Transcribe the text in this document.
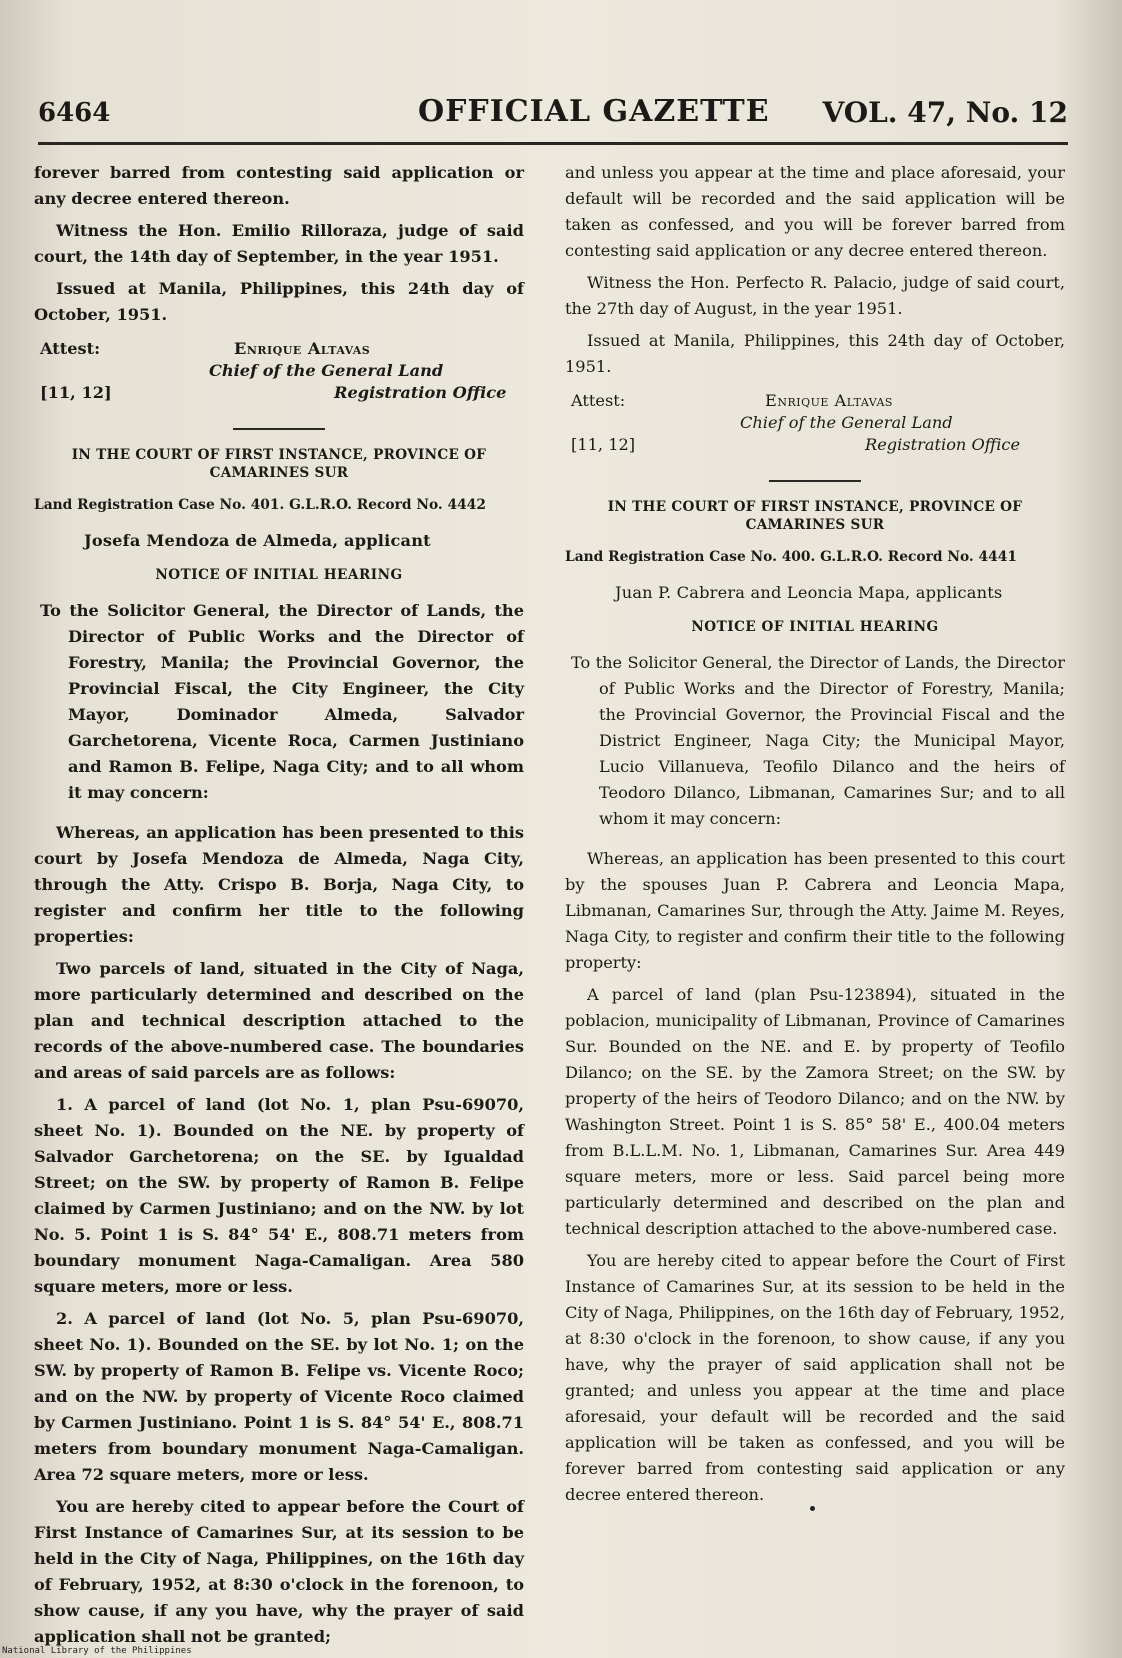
6464	OFFICIAL GAZETTE VOL. 47, No. 12

forever barred from contesting said application or any decree entered thereon.

Witness the Hon. Emilio Rilloraza, judge of said court, the 14th day of September, in the year 1951.

Issued at Manila, Philippines, this 24th day of October, 1951.

Attest:	Enrique Altavas
Chief of the General Land
[11, 12]	Registration Office
IN THE COURT OF FIRST INSTANCE, PROVINCE OF CAMARINES SUR
Land Registration Case No. 401. G.L.R.O. Record No. 4442
Josefa Mendoza de Almeda, applicant
NOTICE OF INITIAL HEARING

To the Solicitor General, the Director of Lands, the Director of Public Works and the Director of Forestry, Manila; the Provincial Governor, the Provincial Fiscal, the City Engineer, the City Mayor, Dominador Almeda, Salvador Garchetorena, Vicente Roca, Carmen Justiniano and Ramon B. Felipe, Naga City; and to all whom it may concern:

Whereas, an application has been presented to this court by Josefa Mendoza de Almeda, Naga City, through the Atty. Crispo B. Borja, Naga City, to register and confirm her title to the following properties:

Two parcels of land, situated in the City of Naga, more particularly determined and described on the plan and technical description attached to the records of the above-numbered case. The boundaries and areas of said parcels are as follows:

1. A parcel of land (lot No. 1, plan Psu-69070, sheet No. 1). Bounded on the NE. by property of Salvador Garchetorena; on the SE. by Igualdad Street; on the SW. by property of Ramon B. Felipe claimed by Carmen Justiniano; and on the NW. by lot No. 5. Point 1 is S. 84° 54' E., 808.71 meters from boundary monument Naga-Camaligan. Area 580 square meters, more or less.

2. A parcel of land (lot No. 5, plan Psu-69070, sheet No. 1). Bounded on the SE. by lot No. 1; on the SW. by property of Ramon B. Felipe vs. Vicente Roco; and on the NW. by property of Vicente Roco claimed by Carmen Justiniano. Point 1 is S. 84° 54' E., 808.71 meters from boundary monument Naga-Camaligan. Area 72 square meters, more or less.

You are hereby cited to appear before the Court of First Instance of Camarines Sur, at its session to be held in the City of Naga, Philippines, on the 16th day of February, 1952, at 8:30 o'clock in the forenoon, to show cause, if any you have, why the prayer of said application shall not be granted;

and unless you appear at the time and place aforesaid, your default will be recorded and the said application will be taken as confessed, and you will be forever barred from contesting said application or any decree entered thereon.

Witness the Hon. Perfecto R. Palacio, judge of said court, the 27th day of August, in the year 1951.

Issued at Manila, Philippines, this 24th day of October, 1951.

Attest:	Enrique Altavas
Chief of the General Land
[11, 12]	Registration Office
IN THE COURT OF FIRST INSTANCE, PROVINCE OF CAMARINES SUR
Land Registration Case No. 400. G.L.R.O. Record No. 4441
Juan P. Cabrera and Leoncia Mapa, applicants
NOTICE OF INITIAL HEARING

To the Solicitor General, the Director of Lands, the Director of Public Works and the Director of Forestry, Manila; the Provincial Governor, the Provincial Fiscal and the District Engineer, Naga City; the Municipal Mayor, Lucio Villanueva, Teofilo Dilanco and the heirs of Teodoro Dilanco, Libmanan, Camarines Sur; and to all whom it may concern:

Whereas, an application has been presented to this court by the spouses Juan P. Cabrera and Leoncia Mapa, Libmanan, Camarines Sur, through the Atty. Jaime M. Reyes, Naga City, to register and confirm their title to the following property:

A parcel of land (plan Psu-123894), situated in the poblacion, municipality of Libmanan, Province of Camarines Sur. Bounded on the NE. and E. by property of Teofilo Dilanco; on the SE. by the Zamora Street; on the SW. by property of the heirs of Teodoro Dilanco; and on the NW. by Washington Street. Point 1 is S. 85° 58' E., 400.04 meters from B.L.L.M. No. 1, Libmanan, Camarines Sur. Area 449 square meters, more or less. Said parcel being more particularly determined and described on the plan and technical description attached to the above-numbered case.

You are hereby cited to appear before the Court of First Instance of Camarines Sur, at its session to be held in the City of Naga, Philippines, on the 16th day of February, 1952, at 8:30 o'clock in the forenoon, to show cause, if any you have, why the prayer of said application shall not be granted; and unless you appear at the time and place aforesaid, your default will be recorded and the said application will be taken as confessed, and you will be forever barred from contesting said application or any decree entered thereon.

National Library of the Philippines
